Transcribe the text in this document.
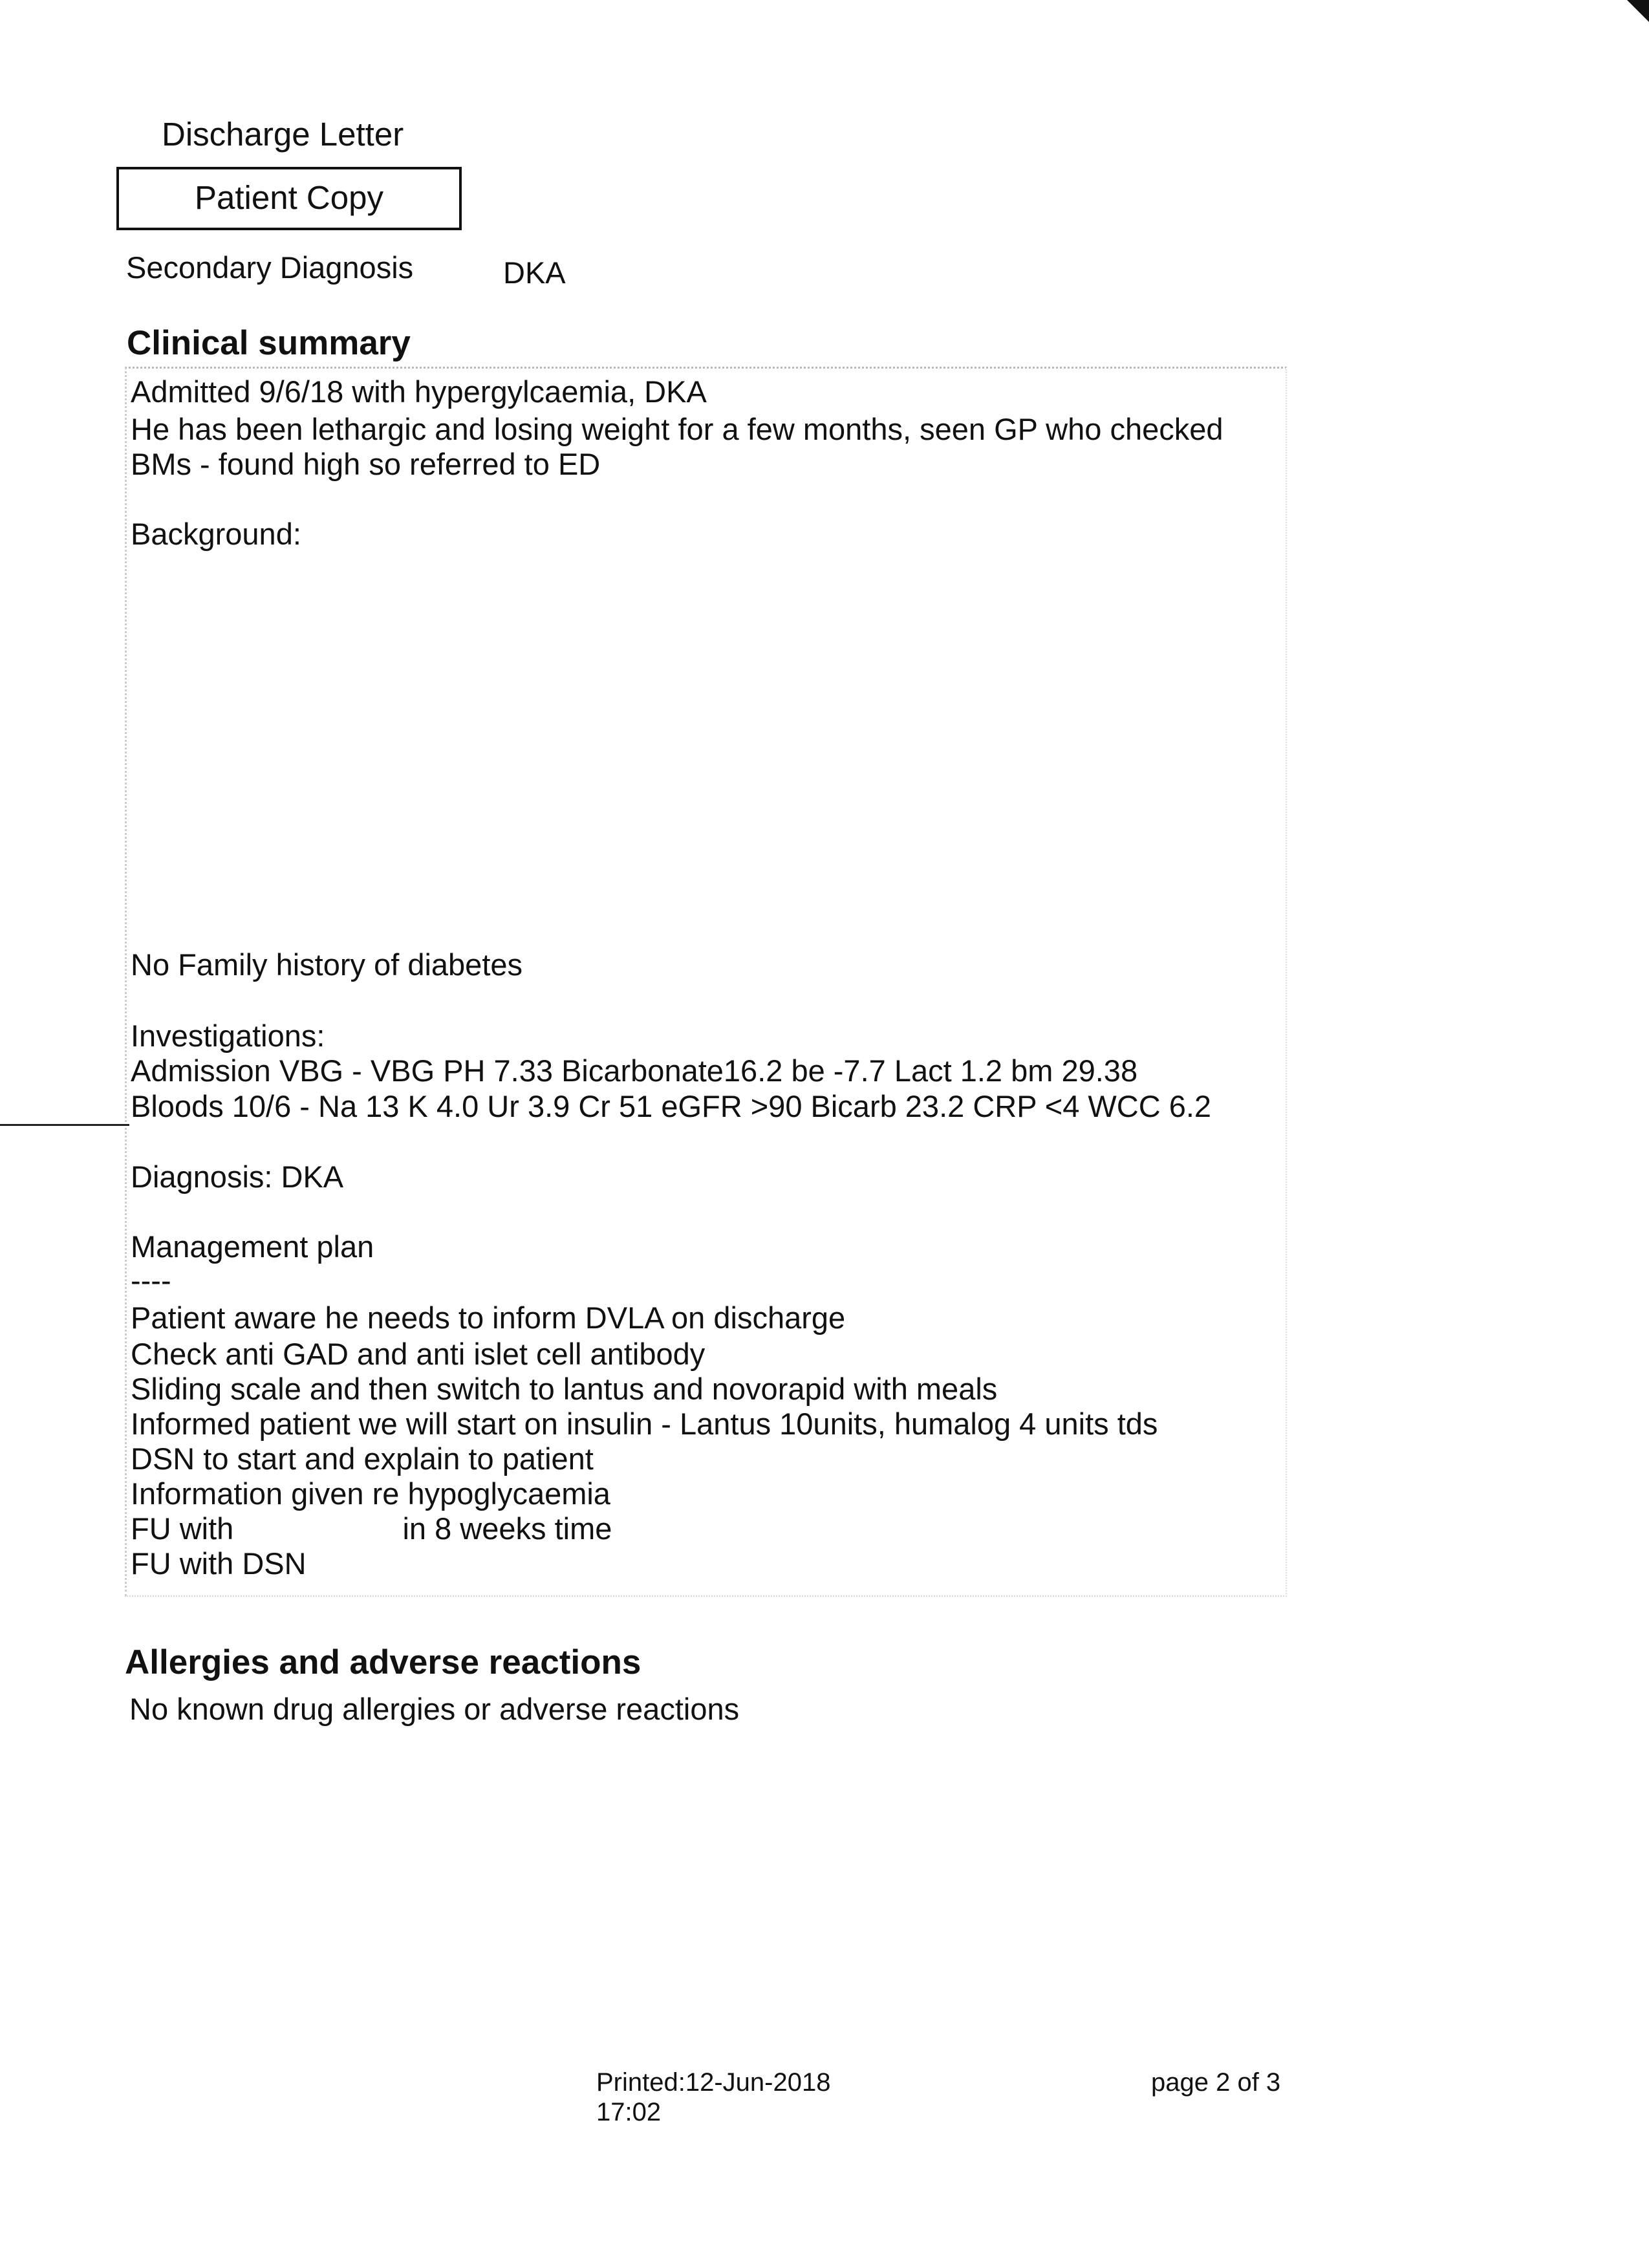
Discharge Letter
Patient Copy
Secondary Diagnosis	DKA
Clinical summary
Admitted 9/6/18 with hypergylcaemia, DKA
He has been lethargic and losing weight for a few months, seen GP who checked
BMs - found high so referred to ED
Background:
No Family history of diabetes
Investigations:
Admission VBG - VBG PH 7.33 Bicarbonate16.2 be -7.7 Lact 1.2 bm 29.38
Bloods 10/6 - Na 13 K 4.0 Ur 3.9 Cr 51 eGFR >90 Bicarb 23.2 CRP <4 WCC 6.2
Diagnosis: DKA
Management plan
----
Patient aware he needs to inform DVLA on discharge
Check anti GAD and anti islet cell antibody
Sliding scale and then switch to lantus and novorapid with meals
Informed patient we will start on insulin - Lantus 10units, humalog 4 units tds
DSN to start and explain to patient
Information given re hypoglycaemia
FU with                    in 8 weeks time
FU with DSN
Allergies and adverse reactions
No known drug allergies or adverse reactions
Printed:12-Jun-2018
17:02
page 2 of 3
